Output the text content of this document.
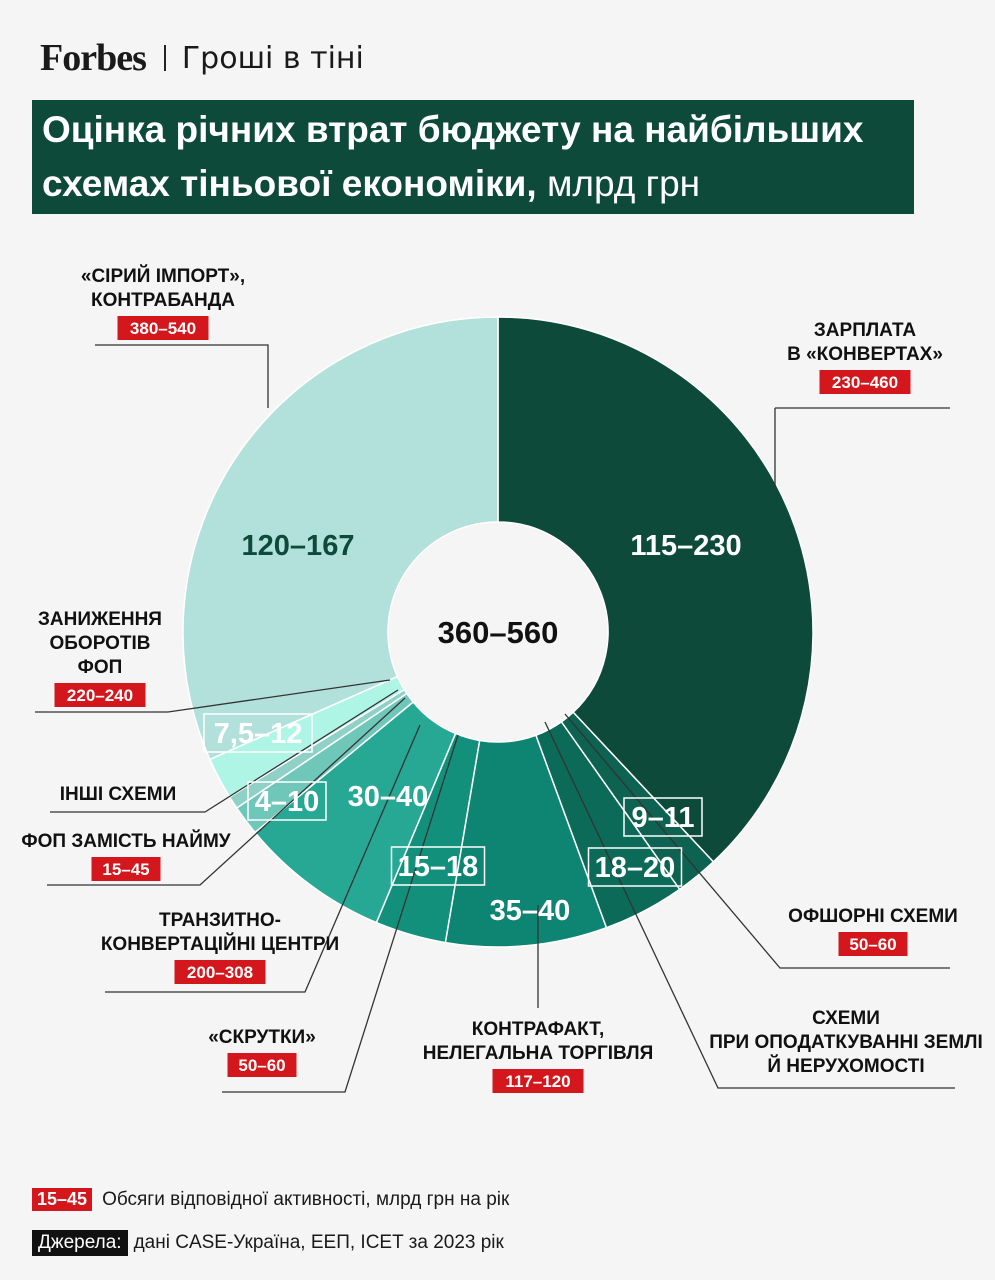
Forbes Гроші в тіні
Оцінка річних втрат бюджету на найбільших
схемах тіньової економіки, млрд грн
115–230
ЗАРПЛАТА
В «КОНВЕРТАХ»
230–460
9–11
ОФШОРНІ СХЕМИ
50–60
18–20
СХЕМИ
ПРИ ОПОДАТКУВАННІ ЗЕМЛІ
Й НЕРУХОМОСТІ
35–40
КОНТРАФАКТ,
НЕЛЕГАЛЬНА ТОРГІВЛЯ
117–120
15–18
«СКРУТКИ»
50–60
30–40
ТРАНЗИТНО-
КОНВЕРТАЦІЙНІ ЦЕНТРИ
200–308
4–10
ФОП ЗАМІСТЬ НАЙМУ
15–45
ІНШІ СХЕМИ
7,5–12
ЗАНИЖЕННЯ
ОБОРОТІВ
ФОП
220–240
120–167
«СІРИЙ ІМПОРТ»,
КОНТРАБАНДА
380–540
360–560
15–45 Обсяги відповідної активності, млрд грн на рік
Джерела: дані CASE-Україна, ЕЕП, ICET за 2023 рік
